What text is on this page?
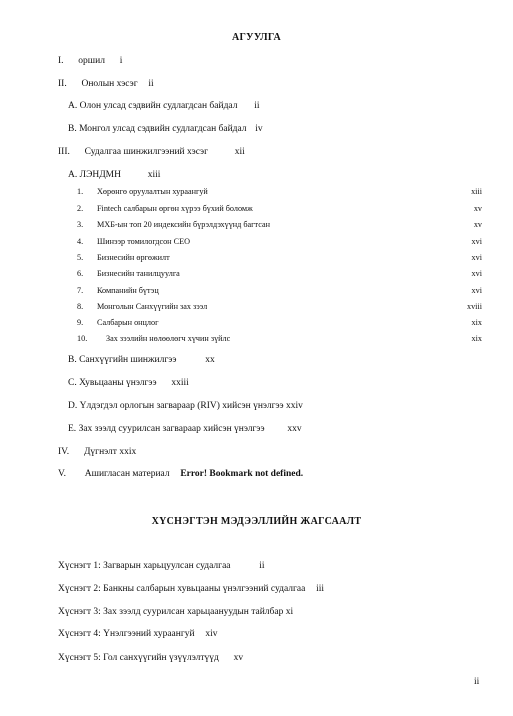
АГУУЛГА
I. оршил i
II. Онолын хэсэг ii
A. Олон улсад сэдвийн судлагдсан байдал ii
B. Монгол улсад сэдвийн судлагдсан байдал iv
III. Судалгаа шинжилгээний хэсэг	xii
A. ЛЭНДМН	xiii
1. Хөрөнгө оруулалтын хураангуй	xiii
2. Fintech салбарын өргөн хүрээ бүхий боломж	xv
3. МХБ-ын топ 20 индексийн бүрэлдэхүүнд багтсан	xv
4. Шинээр томилогдсон CEO	xvi
5. Бизнесийн өргөжилт	xvi
6. Бизнесийн танилцуулга	xvi
7. Компанийн бүтэц	xvi
8. Монголын Санхүүгийн зах зээл	xviii
9. Салбарын онцлог	xix
10. Зах зээлийн нөлөөлөгч хүчин зүйлс	xix
B. Санхүүгийн шинжилгээ	xx
C. Хувьцааны үнэлгээ xxiii
D. Үлдэгдэл орлогын загвараар (RIV) хийсэн үнэлгээ xxiv
E. Зах зээлд суурилсан загвараар хийсэн үнэлгээ xxv
IV. Дүгнэлт xxix
V. Ашигласан материал Error! Bookmark not defined.
ХҮСНЭГТЭН МЭДЭЭЛЛИЙН ЖАГСААЛТ
Хүснэгт 1: Загварын харьцуулсан судалгаа	ii
Хүснэгт 2: Банкны салбарын хувьцааны үнэлгээний судалгаа iii
Хүснэгт 3: Зах зээлд суурилсан харьцаануудын тайлбар xi
Хүснэгт 4: Үнэлгээний хураангуй xiv
Хүснэгт 5: Гол санхүүгийн үзүүлэлтүүд xv
ii
